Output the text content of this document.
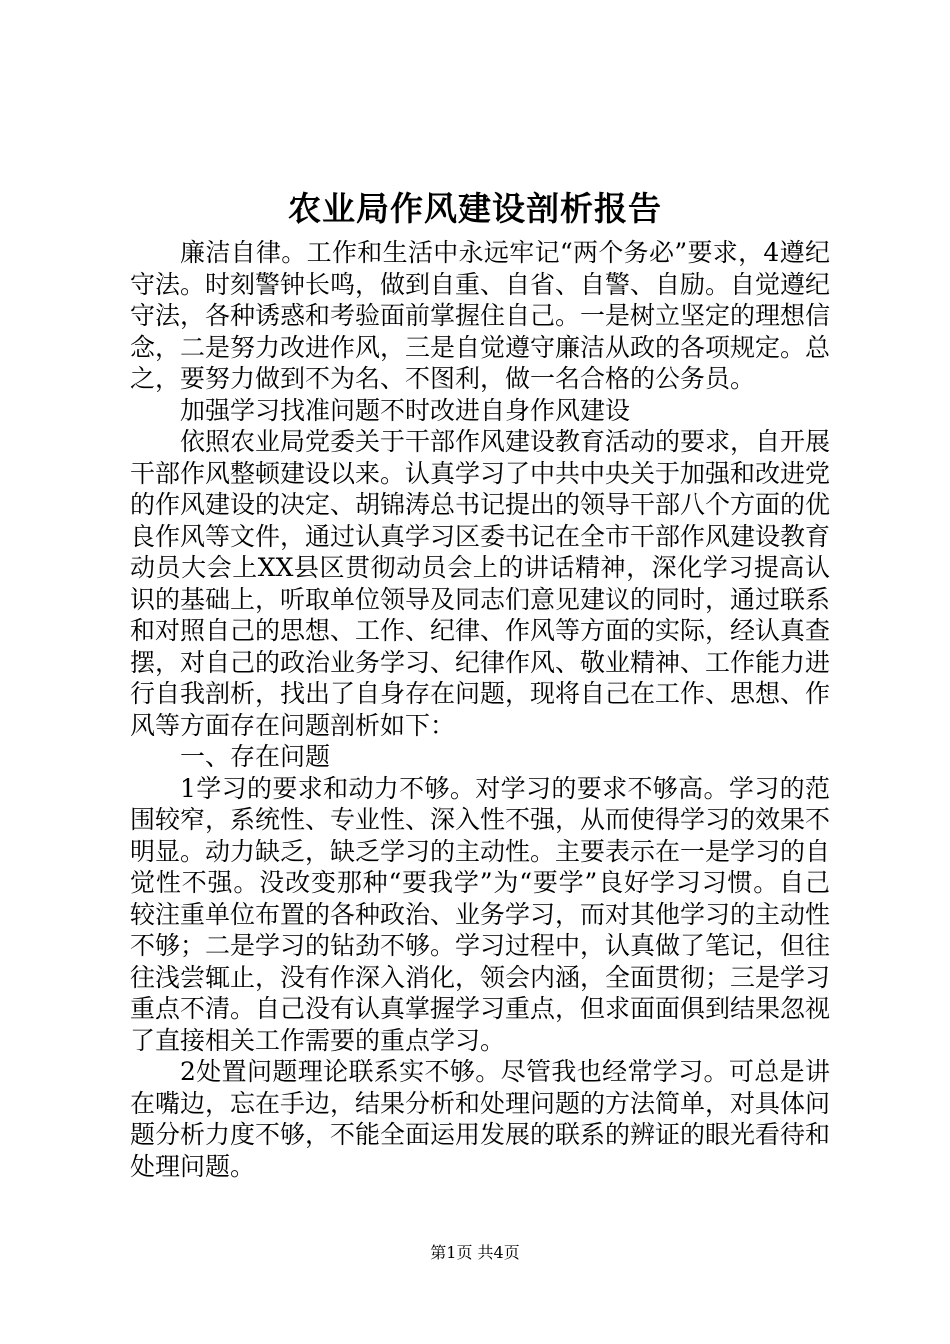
农业局作风建设剖析报告

廉洁自律。工作和生活中永远牢记“两个务必”要求，4遵纪守法。时刻警钟长鸣，做到自重、自省、自警、自励。自觉遵纪守法，各种诱惑和考验面前掌握住自己。一是树立坚定的理想信念，二是努力改进作风，三是自觉遵守廉洁从政的各项规定。总之，要努力做到不为名、不图利，做一名合格的公务员。

加强学习找准问题不时改进自身作风建设

依照农业局党委关于干部作风建设教育活动的要求，自开展干部作风整顿建设以来。认真学习了中共中央关于加强和改进党的作风建设的决定、胡锦涛总书记提出的领导干部八个方面的优良作风等文件，通过认真学习区委书记在全市干部作风建设教育动员大会上XX县区贯彻动员会上的讲话精神，深化学习提高认识的基础上，听取单位领导及同志们意见建议的同时，通过联系和对照自己的思想、工作、纪律、作风等方面的实际，经认真查摆，对自己的政治业务学习、纪律作风、敬业精神、工作能力进行自我剖析，找出了自身存在问题，现将自己在工作、思想、作风等方面存在问题剖析如下：

一、存在问题

1学习的要求和动力不够。对学习的要求不够高。学习的范围较窄，系统性、专业性、深入性不强，从而使得学习的效果不明显。动力缺乏，缺乏学习的主动性。主要表示在一是学习的自觉性不强。没改变那种“要我学”为“要学”良好学习习惯。自己较注重单位布置的各种政治、业务学习，而对其他学习的主动性不够；二是学习的钻劲不够。学习过程中，认真做了笔记，但往往浅尝辄止，没有作深入消化，领会内涵，全面贯彻；三是学习重点不清。自己没有认真掌握学习重点，但求面面俱到结果忽视了直接相关工作需要的重点学习。

2处置问题理论联系实不够。尽管我也经常学习。可总是讲在嘴边，忘在手边，结果分析和处理问题的方法简单，对具体问题分析力度不够，不能全面运用发展的联系的辨证的眼光看待和处理问题。

第1页 共4页
